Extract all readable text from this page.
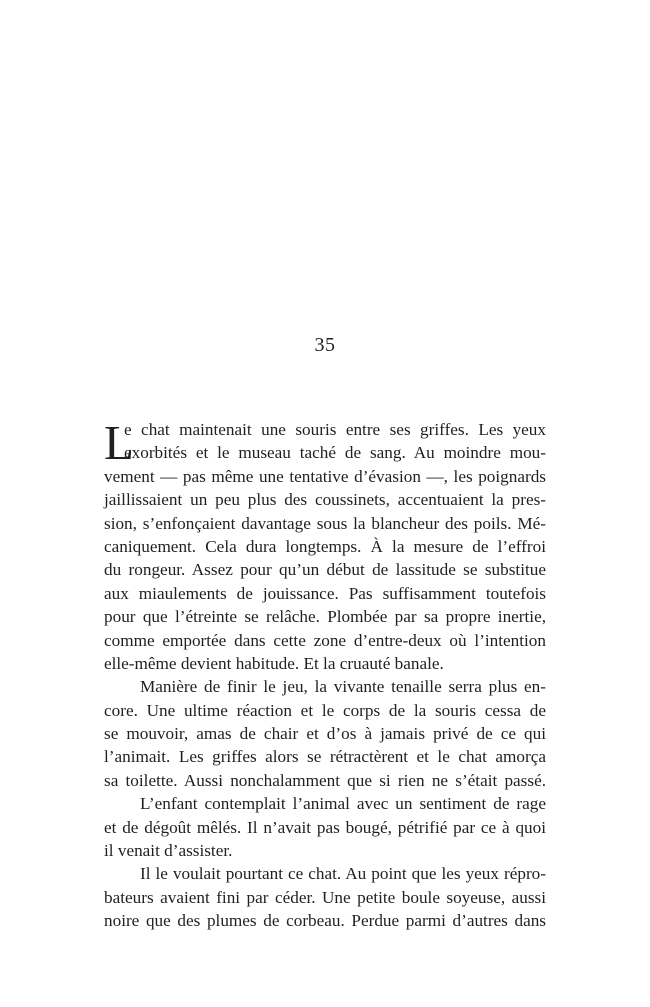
35
L
e chat maintenait une souris entre ses griffes. Les yeux
exorbités et le museau taché de sang. Au moindre mou-
vement — pas même une tentative d’évasion —, les poignards
jaillissaient un peu plus des coussinets, accentuaient la pres-
sion, s’enfonçaient davantage sous la blancheur des poils. Mé-
caniquement. Cela dura longtemps. À la mesure de l’effroi
du rongeur. Assez pour qu’un début de lassitude se substitue
aux miaulements de jouissance. Pas suffisamment toutefois
pour que l’étreinte se relâche. Plombée par sa propre inertie,
comme emportée dans cette zone d’entre-deux où l’intention
elle-même devient habitude. Et la cruauté banale.
Manière de finir le jeu, la vivante tenaille serra plus en-
core. Une ultime réaction et le corps de la souris cessa de
se mouvoir, amas de chair et d’os à jamais privé de ce qui
l’animait. Les griffes alors se rétractèrent et le chat amorça
sa toilette. Aussi nonchalamment que si rien ne s’était passé.
L’enfant contemplait l’animal avec un sentiment de rage
et de dégoût mêlés. Il n’avait pas bougé, pétrifié par ce à quoi
il venait d’assister.
Il le voulait pourtant ce chat. Au point que les yeux répro-
bateurs avaient fini par céder. Une petite boule soyeuse, aussi
noire que des plumes de corbeau. Perdue parmi d’autres dans
